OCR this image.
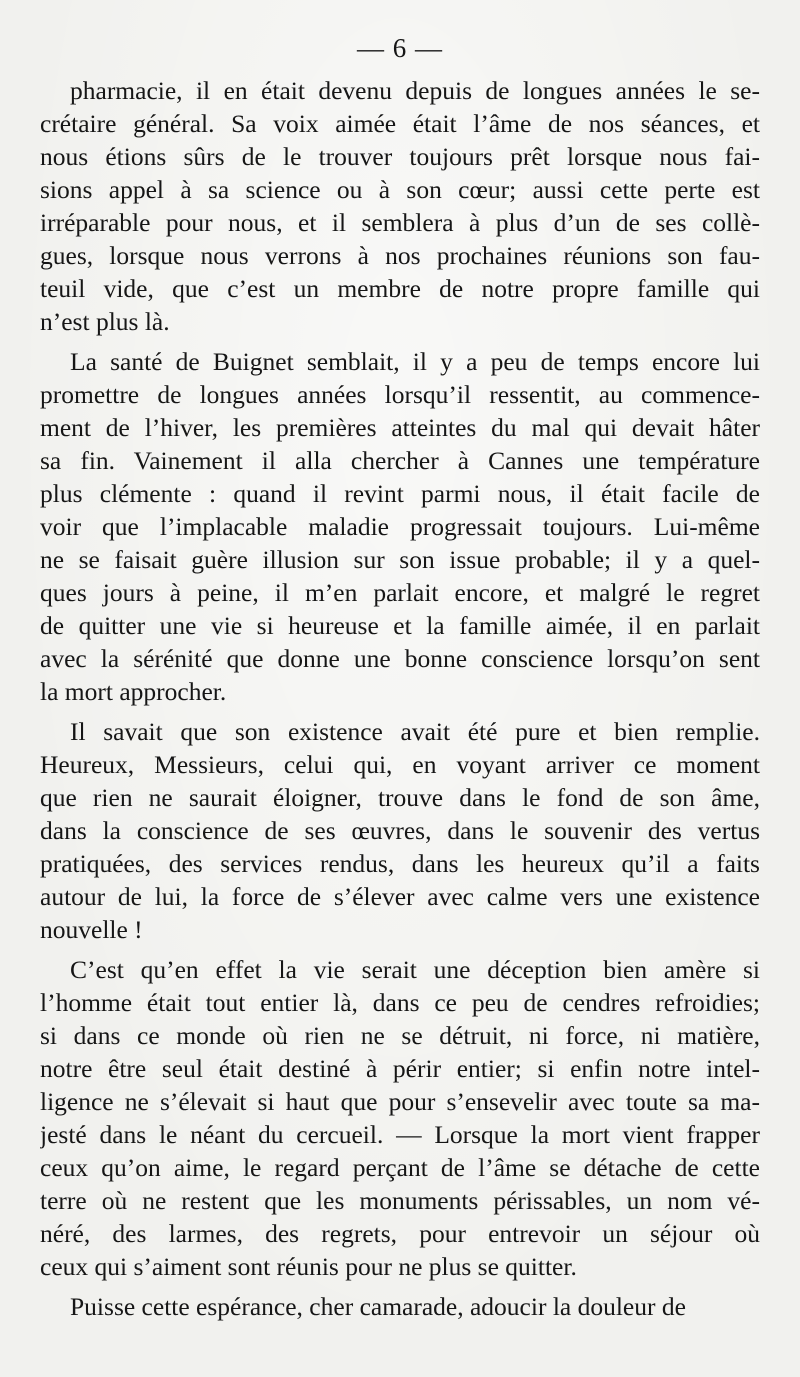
— 6 —
pharmacie, il en était devenu depuis de longues années le se-
crétaire général. Sa voix aimée était l’âme de nos séances, et
nous étions sûrs de le trouver toujours prêt lorsque nous fai-
sions appel à sa science ou à son cœur; aussi cette perte est
irréparable pour nous, et il semblera à plus d’un de ses collè-
gues, lorsque nous verrons à nos prochaines réunions son fau-
teuil vide, que c’est un membre de notre propre famille qui
n’est plus là.
La santé de Buignet semblait, il y a peu de temps encore lui
promettre de longues années lorsqu’il ressentit, au commence-
ment de l’hiver, les premières atteintes du mal qui devait hâter
sa fin. Vainement il alla chercher à Cannes une température
plus clémente : quand il revint parmi nous, il était facile de
voir que l’implacable maladie progressait toujours. Lui-même
ne se faisait guère illusion sur son issue probable; il y a quel-
ques jours à peine, il m’en parlait encore, et malgré le regret
de quitter une vie si heureuse et la famille aimée, il en parlait
avec la sérénité que donne une bonne conscience lorsqu’on sent
la mort approcher.
Il savait que son existence avait été pure et bien remplie.
Heureux, Messieurs, celui qui, en voyant arriver ce moment
que rien ne saurait éloigner, trouve dans le fond de son âme,
dans la conscience de ses œuvres, dans le souvenir des vertus
pratiquées, des services rendus, dans les heureux qu’il a faits
autour de lui, la force de s’élever avec calme vers une existence
nouvelle !
C’est qu’en effet la vie serait une déception bien amère si
l’homme était tout entier là, dans ce peu de cendres refroidies;
si dans ce monde où rien ne se détruit, ni force, ni matière,
notre être seul était destiné à périr entier; si enfin notre intel-
ligence ne s’élevait si haut que pour s’ensevelir avec toute sa ma-
jesté dans le néant du cercueil. — Lorsque la mort vient frapper
ceux qu’on aime, le regard perçant de l’âme se détache de cette
terre où ne restent que les monuments périssables, un nom vé-
néré, des larmes, des regrets, pour entrevoir un séjour où
ceux qui s’aiment sont réunis pour ne plus se quitter.
Puisse cette espérance, cher camarade, adoucir la douleur de
